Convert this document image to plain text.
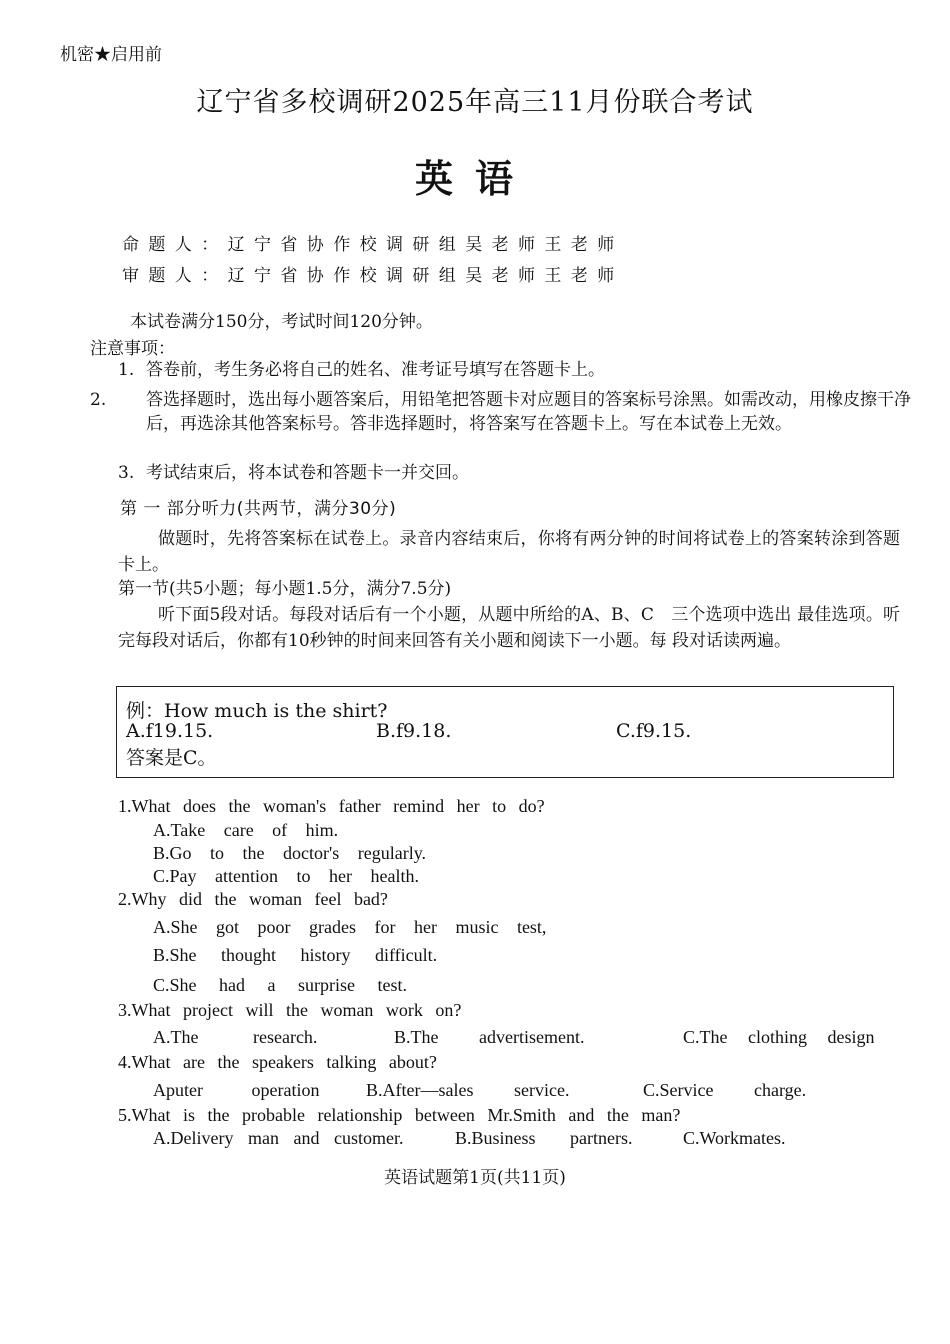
机密★启用前
辽宁省多校调研2025年高三11月份联合考试
英语
命题人：辽宁省协作校调研组吴老师王老师
审题人：辽宁省协作校调研组吴老师王老师
本试卷满分150分，考试时间120分钟。
注意事项：
1. 答卷前，考生务必将自己的姓名、准考证号填写在答题卡上。
2. 答选择题时，选出每小题答案后，用铅笔把答题卡对应题目的答案标号涂黑。如需改动，用橡皮擦干净后，再选涂其他答案标号。答非选择题时，将答案写在答题卡上。写在本试卷上无效。
3. 考试结束后，将本试卷和答题卡一并交回。
第 一 部分听力(共两节，满分30分)
做题时，先将答案标在试卷上。录音内容结束后，你将有两分钟的时间将试卷上的答案转涂到答题卡上。
第一节(共5小题；每小题1.5分，满分7.5分)
听下面5段对话。每段对话后有一个小题，从题中所给的A、B、C　三个选项中选出 最佳选项。听完每段对话后，你都有10秒钟的时间来回答有关小题和阅读下一小题。每 段对话读两遍。
例：How much is the shirt?
A.f19.15.	B.f9.18.	C.f9.15.
答案是C。
1.What does the woman's father remind her to do?
A.Take care of him.
B.Go to the doctor's regularly.
C.Pay attention to her health.
2.Why did the woman feel bad?
A.She got poor grades for her music test,
B.She thought history difficult.
C.She had a surprise test.
3.What project will the woman work on?
A.The research.	B.The advertisement.	C.The clothing design
4.What are the speakers talking about?
Aputer operation	B.After—sales service.	C.Service charge.
5.What is the probable relationship between Mr.Smith and the man?
A.Delivery man and customer.	B.Business partners.	C.Workmates.
英语试题第1页(共11页)
